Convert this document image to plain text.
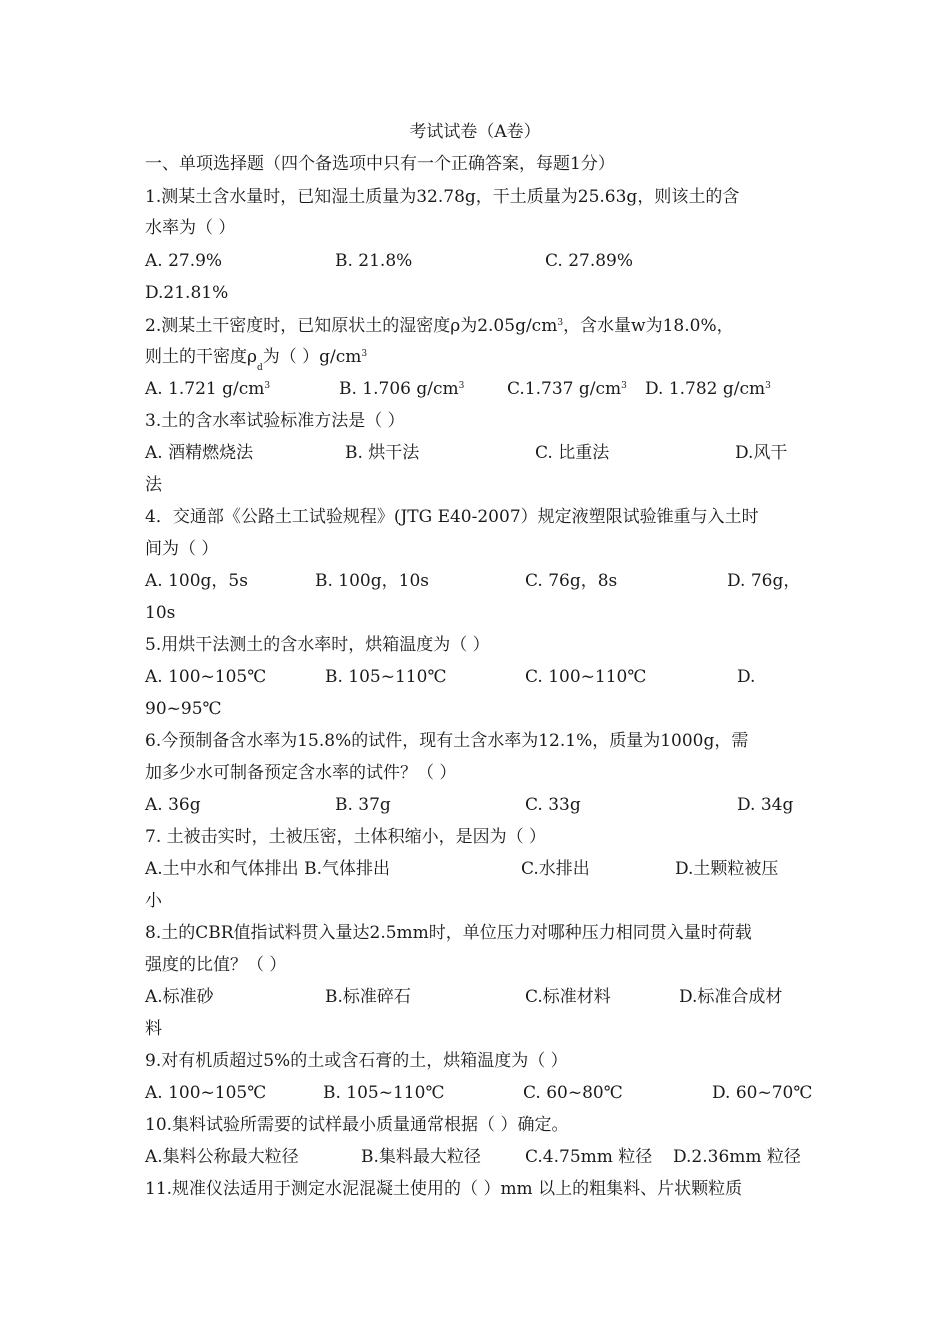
考试试卷（A卷）
一、单项选择题（四个备选项中只有一个正确答案，每题1分）
1.测某土含水量时，已知湿土质量为32.78g，干土质量为25.63g，则该土的含
水率为（ ）
A. 27.9%	B. 21.8%	C. 27.89%
D.21.81%
2.测某土干密度时，已知原状土的湿密度ρ为$2.05g/cm^3$，含水量w为18.0%，
则土的干密度$\rho_d$为（ ）$g/cm^3$
A. 1.721 $g/cm^3$	B. 1.706 $g/cm^3$	C.1.737 $g/cm^3$ D. 1.782 $g/cm^3$
3.土的含水率试验标准方法是（ ）
A. 酒精燃烧法	B. 烘干法	C. 比重法	D.风干
法
4．交通部《公路土工试验规程》(JTG E40-2007）规定液塑限试验锥重与入土时
间为（ ）
A. 100g，5s	B. 100g，10s	C. 76g，8s	D. 76g，
10s
5.用烘干法测土的含水率时，烘箱温度为（ ）
A. 100~105℃	B. 105~110℃	C. 100~110℃	D.
90~95℃
6.今预制备含水率为15.8%的试件，现有土含水率为12.1%，质量为1000g，需
加多少水可制备预定含水率的试件？（ ）
A. 36g	B. 37g	C. 33g	D. 34g
7. 土被击实时，土被压密，土体积缩小，是因为（ ）
A.土中水和气体排出 B.气体排出	C.水排出	D.土颗粒被压
小
8.土的CBR值指试料贯入量达2.5mm时，单位压力对哪种压力相同贯入量时荷载
强度的比值？（ ）
A.标准砂	B.标准碎石	C.标准材料	D.标准合成材
料
9.对有机质超过5%的土或含石膏的土，烘箱温度为（ ）
A. 100~105℃	B. 105~110℃	C. 60~80℃	D. 60~70℃
10.集料试验所需要的试样最小质量通常根据（ ）确定。
A.集料公称最大粒径	B.集料最大粒径	C.4.75mm 粒径 D.2.36mm 粒径
11.规准仪法适用于测定水泥混凝土使用的（ ）mm 以上的粗集料、片状颗粒质
